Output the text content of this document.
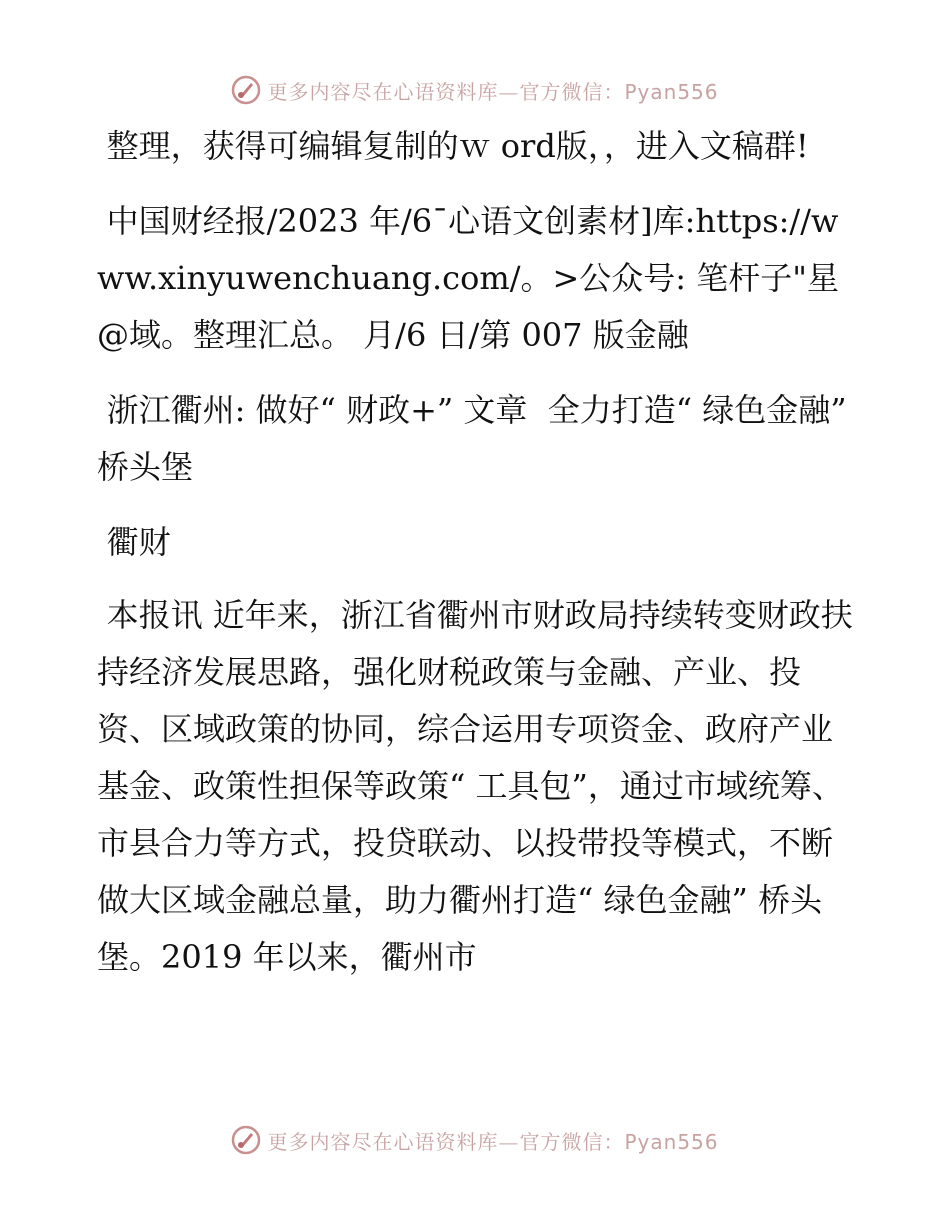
更多内容尽在心语资料库—官方微信：Pyan556

整理，获得可编辑复制的ｗ ord版，，进入文稿群!

中国财经报/2023 年/6¯心语文创素材]库:https://www.xinyuwenchuang.com/。>公众号: 笔杆子"星@域。整理汇总。 月/6 日/第 007 版金融

浙江衢州: 做好“ 财政+” 文章  全力打造“ 绿色金融” 桥头堡

衢财

本报讯 近年来，浙江省衢州市财政局持续转变财政扶持经济发展思路，强化财税政策与金融、产业、投资、区域政策的协同，综合运用专项资金、政府产业基金、政策性担保等政策“ 工具包”，通过市域统筹、市县合力等方式，投贷联动、以投带投等模式，不断做大区域金融总量，助力衢州打造“ 绿色金融” 桥头堡。2019 年以来，衢州市

更多内容尽在心语资料库—官方微信：Pyan556
